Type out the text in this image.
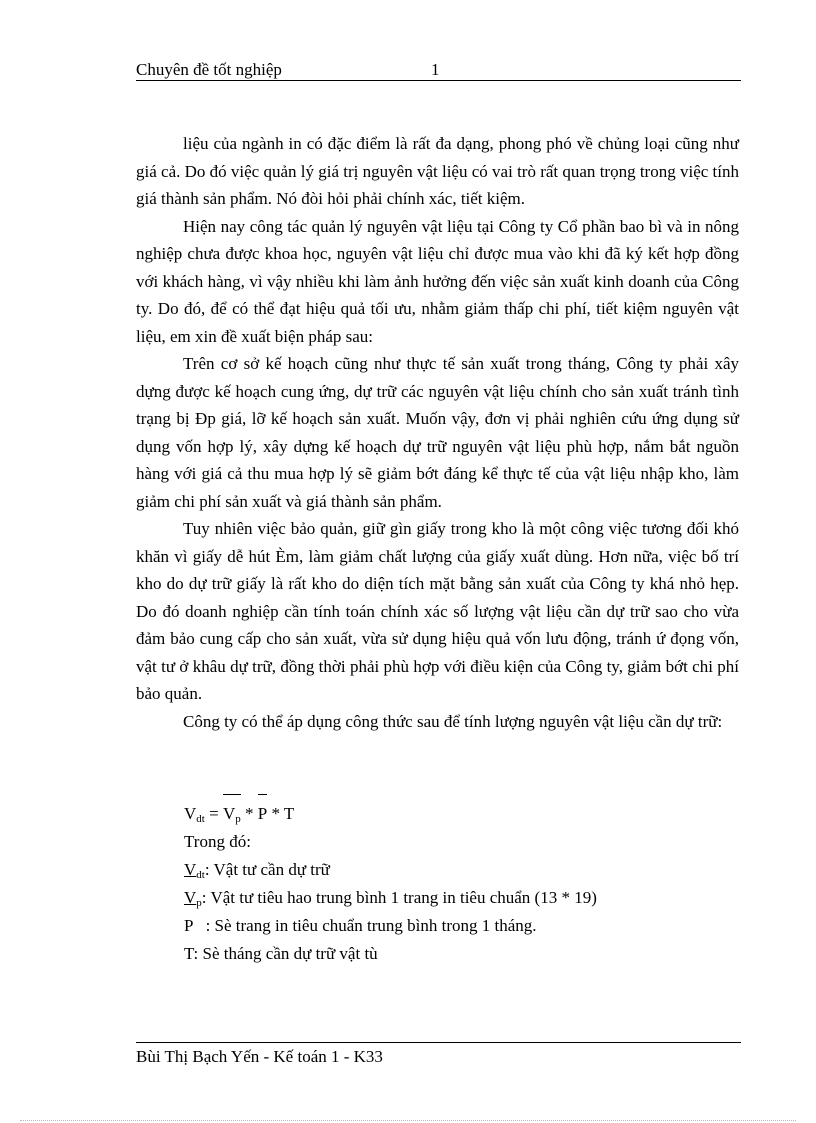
Chuyên đề tốt nghiệp	1

liệu của ngành in có đặc điểm là rất đa dạng, phong phó về chủng loại cũng như giá cả. Do đó việc quản lý giá trị nguyên vật liệu có vai trò rất quan trọng trong việc tính giá thành sản phẩm. Nó đòi hỏi phải chính xác, tiết kiệm.

Hiện nay công tác quản lý nguyên vật liệu tại Công ty Cổ phần bao bì và in nông nghiệp chưa được khoa học, nguyên vật liệu chỉ được mua vào khi đã ký kết hợp đồng với khách hàng, vì vậy nhiều khi làm ảnh hưởng đến việc sản xuất kinh doanh của Công ty. Do đó, để có thể đạt hiệu quả tối ưu, nhằm giảm thấp chi phí, tiết kiệm nguyên vật liệu, em xin đề xuất biện pháp sau:

Trên cơ sở kế hoạch cũng như thực tế sản xuất trong tháng, Công ty phải xây dựng được kế hoạch cung ứng, dự trữ các nguyên vật liệu chính cho sản xuất tránh tình trạng bị Ðp giá, lỡ kế hoạch sản xuất. Muốn vậy, đơn vị phải nghiên cứu ứng dụng sử dụng vốn hợp lý, xây dựng kế hoạch dự trữ nguyên vật liệu phù hợp, nắm bắt nguồn hàng với giá cả thu mua hợp lý sẽ giảm bớt đáng kể thực tế của vật liệu nhập kho, làm giảm chi phí sản xuất và giá thành sản phẩm.

Tuy nhiên việc bảo quản, giữ gìn giấy trong kho là một công việc tương đối khó khăn vì giấy dễ hút Èm, làm giảm chất lượng của giấy xuất dùng. Hơn nữa, việc bố trí kho do dự trữ giấy là rất kho do diện tích mặt bằng sản xuất của Công ty khá nhỏ hẹp. Do đó doanh nghiệp cần tính toán chính xác số lượng vật liệu cần dự trữ sao cho vừa đảm bảo cung cấp cho sản xuất, vừa sử dụng hiệu quả vốn lưu động, tránh ứ đọng vốn, vật tư ở khâu dự trữ, đồng thời phải phù hợp với điều kiện của Công ty, giảm bớt chi phí bảo quản.

Công ty có thể áp dụng công thức sau để tính lượng nguyên vật liệu cần dự trữ:

$V_{dt} = V_p * P * T$
Trong đó:
$V_{dt}$: Vật tư cần dự trữ
$V_p$: Vật tư tiêu hao trung bình 1 trang in tiêu chuẩn (13 * 19)
P   : Sè trang in tiêu chuẩn trung bình trong 1 tháng.
T: Sè tháng cần dự trữ vật tù
Bùi Thị Bạch Yến - Kế toán 1 - K33
